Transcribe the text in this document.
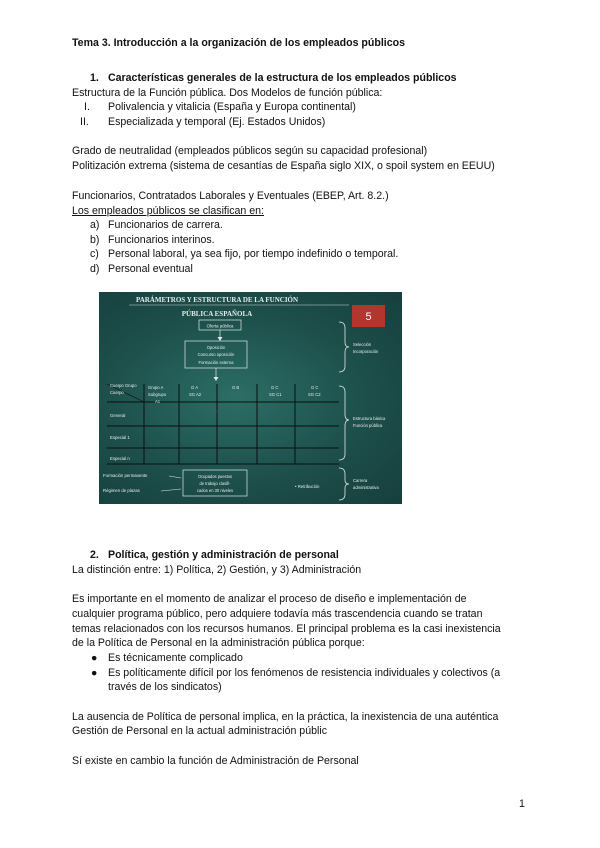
Tema 3. Introducción a la organización de los empleados públicos
1. Características generales de la estructura de los empleados públicos
Estructura de la Función pública. Dos Modelos de función pública:
I. Polivalencia y vitalicia (España y Europa continental)
II. Especializada y temporal (Ej. Estados Unidos)
Grado de neutralidad (empleados públicos según su capacidad profesional)
Politización extrema (sistema de cesantías de España siglo XIX, o spoil system en EEUU)
Funcionarios, Contratados Laborales y Eventuales (EBEP, Art. 8.2.)
Los empleados públicos se clasifican en:
a) Funcionarios de carrera.
b) Funcionarios interinos.
c) Personal laboral, ya sea fijo, por tiempo indefinido o temporal.
d) Personal eventual
PARÁMETROS Y ESTRUCTURA DE LA FUNCIÓN
PÚBLICA ESPAÑOLA	5
Oferta pública
Oposición
Concurso oposición
Formación externa
Selección
Incorporación
Cuerpo Grupo
Cuerpo
Grupo A
Subgrupo
A1
G A
SG A2
G B	G C
SG C1
G C
SG C2
General
Especial 1
Especial n
Estructura básica
Función pública
Formación permanente
Régimen de plazas
Ocupados puestos
de trabajo clasifi-
cados en 30 niveles
• Retribución
Carrera
administrativa
2. Política, gestión y administración de personal
La distinción entre: 1) Política, 2) Gestión, y 3) Administración
Es importante en el momento de analizar el proceso de diseño e implementación de
cualquier programa público, pero adquiere todavía más trascendencia cuando se tratan
temas relacionados con los recursos humanos. El principal problema es la casi inexistencia
de la Política de Personal en la administración pública porque:
● Es técnicamente complicado
● Es políticamente difícil por los fenómenos de resistencia individuales y colectivos (a
través de los sindicatos)
La ausencia de Política de personal implica, en la práctica, la inexistencia de una auténtica
Gestión de Personal en la actual administración públic
Sí existe en cambio la función de Administración de Personal
1
